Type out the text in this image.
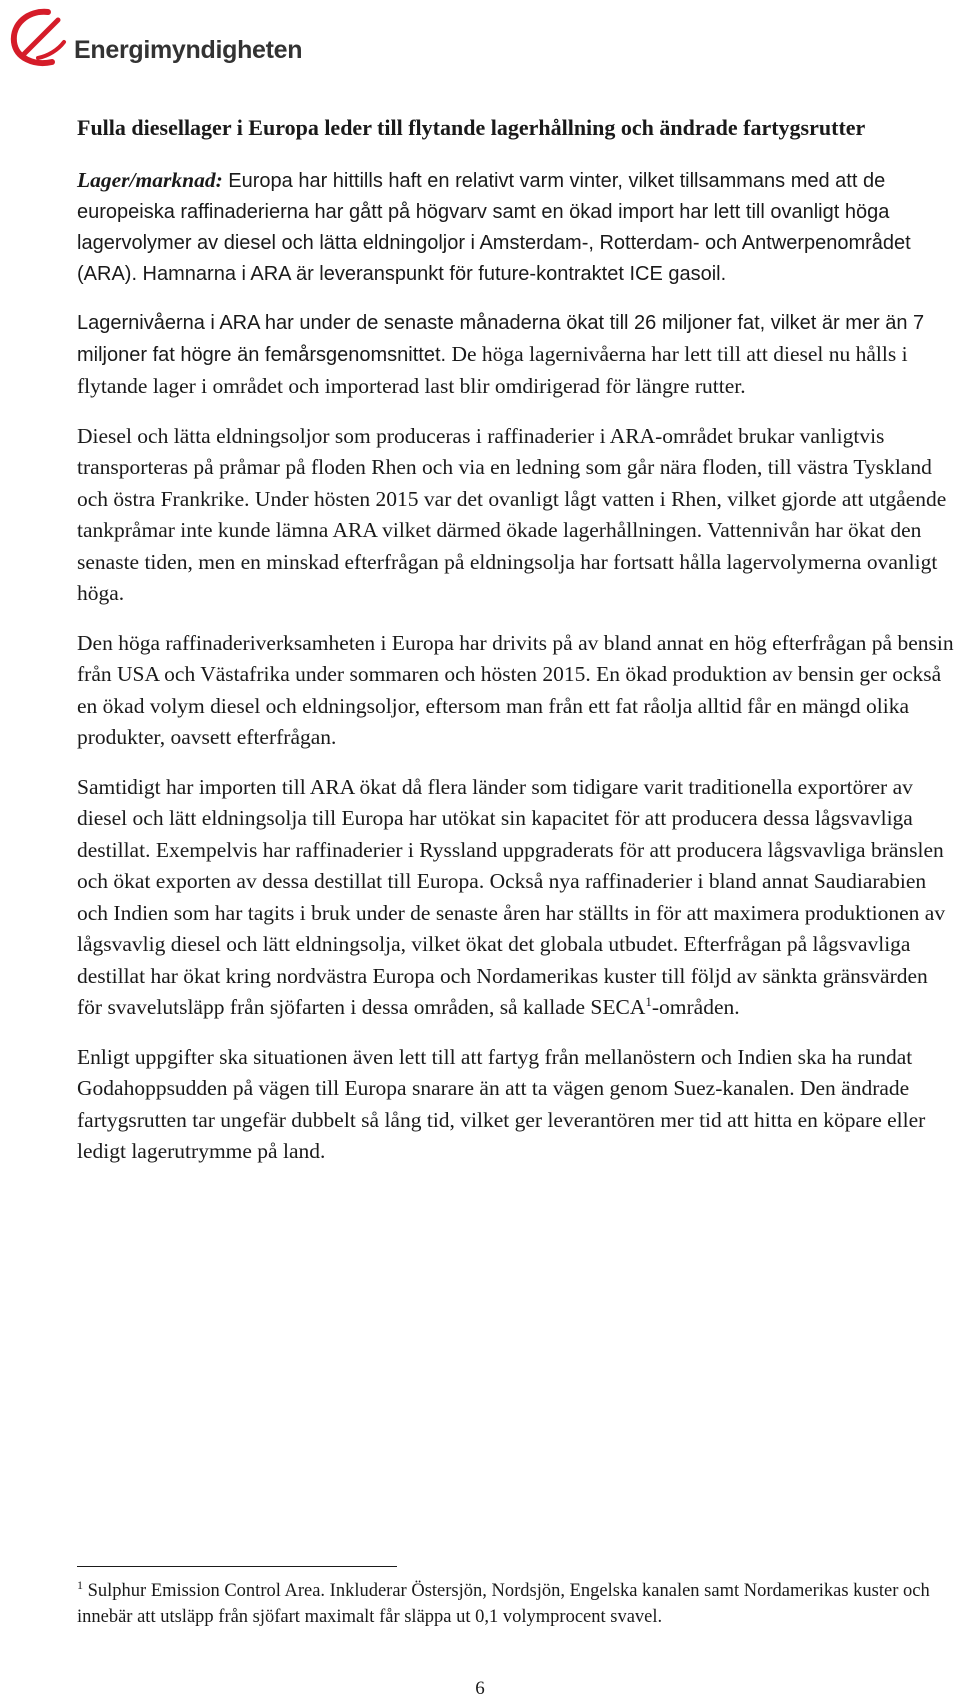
Energimyndigheten
Fulla diesellager i Europa leder till flytande lagerhållning och ändrade fartygsrutter

Lager/marknad: Europa har hittills haft en relativt varm vinter, vilket tillsammans med att de europeiska raffinaderierna har gått på högvarv samt en ökad import har lett till ovanligt höga lagervolymer av diesel och lätta eldningoljor i Amsterdam-, Rotterdam- och Antwerpenområdet (ARA). Hamnarna i ARA är leveranspunkt för future-kontraktet ICE gasoil.

Lagernivåerna i ARA har under de senaste månaderna ökat till 26 miljoner fat, vilket är mer än 7 miljoner fat högre än femårsgenomsnittet. De höga lagernivåerna har lett till att diesel nu hålls i flytande lager i området och importerad last blir omdirigerad för längre rutter.

Diesel och lätta eldningsoljor som produceras i raffinaderier i ARA-området brukar vanligtvis transporteras på pråmar på floden Rhen och via en ledning som går nära floden, till västra Tyskland och östra Frankrike. Under hösten 2015 var det ovanligt lågt vatten i Rhen, vilket gjorde att utgående tankpråmar inte kunde lämna ARA vilket därmed ökade lagerhållningen. Vattennivån har ökat den senaste tiden, men en minskad efterfrågan på eldningsolja har fortsatt hålla lagervolymerna ovanligt höga.

Den höga raffinaderiverksamheten i Europa har drivits på av bland annat en hög efterfrågan på bensin från USA och Västafrika under sommaren och hösten 2015. En ökad produktion av bensin ger också en ökad volym diesel och eldningsoljor, eftersom man från ett fat råolja alltid får en mängd olika produkter, oavsett efterfrågan.

Samtidigt har importen till ARA ökat då flera länder som tidigare varit traditionella exportörer av diesel och lätt eldningsolja till Europa har utökat sin kapacitet för att producera dessa lågsvavliga destillat. Exempelvis har raffinaderier i Ryssland uppgraderats för att producera lågsvavliga bränslen och ökat exporten av dessa destillat till Europa. Också nya raffinaderier i bland annat Saudiarabien och Indien som har tagits i bruk under de senaste åren har ställts in för att maximera produktionen av lågsvavlig diesel och lätt eldningsolja, vilket ökat det globala utbudet. Efterfrågan på lågsvavliga destillat har ökat kring nordvästra Europa och Nordamerikas kuster till följd av sänkta gränsvärden för svavelutsläpp från sjöfarten i dessa områden, så kallade SECA$^1$-områden.

Enligt uppgifter ska situationen även lett till att fartyg från mellanöstern och Indien ska ha rundat Godahoppsudden på vägen till Europa snarare än att ta vägen genom Suez-kanalen. Den ändrade fartygsrutten tar ungefär dubbelt så lång tid, vilket ger leverantören mer tid att hitta en köpare eller ledigt lagerutrymme på land.

$^1$ Sulphur Emission Control Area. Inkluderar Östersjön, Nordsjön, Engelska kanalen samt Nordamerikas kuster och innebär att utsläpp från sjöfart maximalt får släppa ut 0,1 volymprocent svavel.
6
